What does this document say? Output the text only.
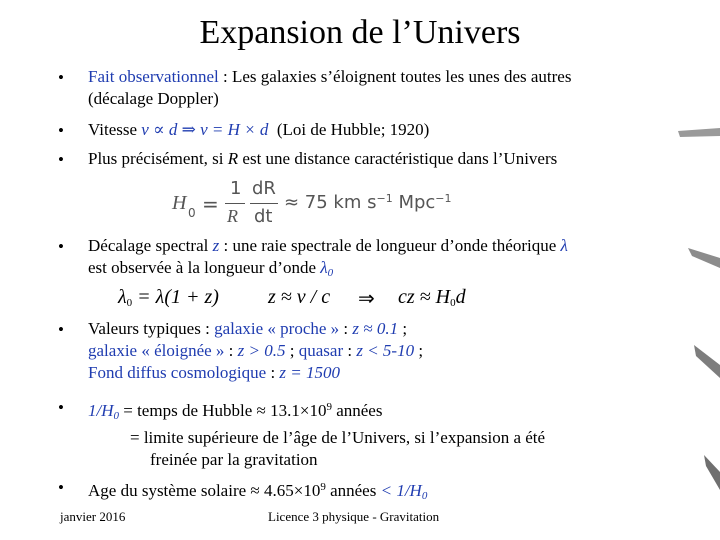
Expansion de l’Univers
• Fait observationnel : Les galaxies s’éloignent toutes les unes des autres
(décalage Doppler)
• Vitesse v ∝ d ⇒ v = H × d (Loi de Hubble; 1920)
• Plus précisément, si R est une distance caractéristique dans l’Univers
H 0 =
1
R
dR
dt
≈ 75 km $s^{-1}$ Mpc$^{-1}$
• Décalage spectral z : une raie spectrale de longueur d’onde théorique λ
est observée à la longueur d’onde $\lambda_0$
$\lambda_0 = \lambda(1 + z) z \approx v / c$ ⇒ cz ≈ $H_0d$
• Valeurs typiques : galaxie « proche » : z ≈ 0.1 ;
galaxie « éloignée » : z > 0.5 ; quasar : z < 5-10 ;
Fond diffus cosmologique : z = 1500
• $1/H_0$ = temps de Hubble ≈ $13.1\times 10^9$ années
= limite supérieure de l’âge de l’Univers, si l’expansion a été
freinée par la gravitation
• Age du système solaire ≈ $4.65\times 10^9$ années < $1/H_0$
janvier 2016	Licence 3 physique - Gravitation
